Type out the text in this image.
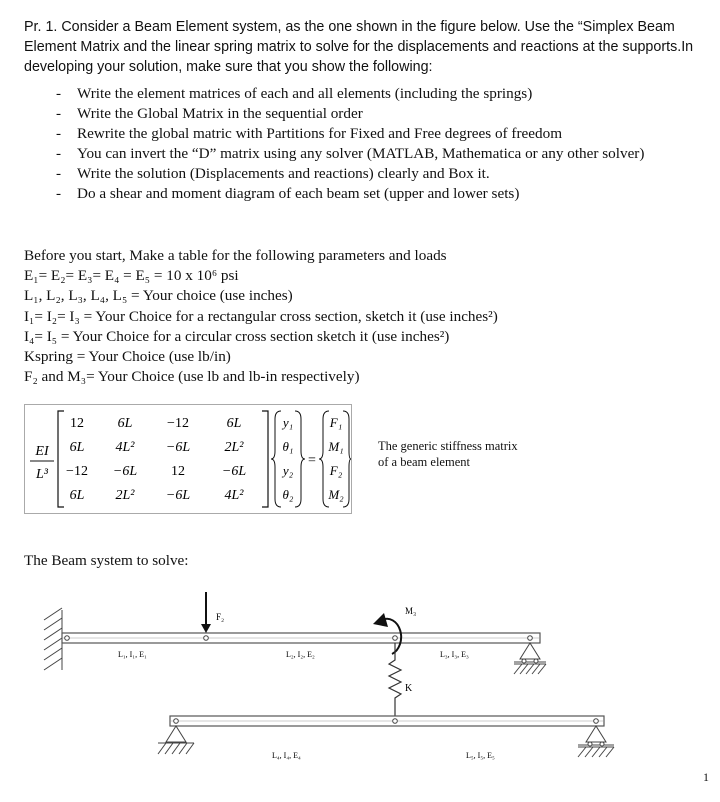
Pr. 1. Consider a Beam Element system, as the one shown in the figure below. Use the “Simplex Beam Element Matrix and the linear spring matrix to solve for the displacements and reactions at the supports.In developing your solution, make sure that you show the following:
- Write the element matrices of each and all elements (including the springs)
- Write the Global Matrix in the sequential order
- Rewrite the global matric with Partitions for Fixed and Free degrees of freedom
- You can invert the “D” matrix using any solver (MATLAB, Mathematica or any other solver)
- Write the solution (Displacements and reactions) clearly and Box it.
- Do a shear and moment diagram of each beam set (upper and lower sets)
Before you start, Make a table for the following parameters and loads
E₁= E₂= E₃= E₄ = E₅ = 10 x 10⁶ psi
L₁, L₂, L₃, L₄, L₅ = Your choice (use inches)
I₁= I₂= I₃ = Your Choice for a rectangular cross section, sketch it (use inches²)
I₄= I₅ = Your Choice for a circular cross section sketch it (use inches²)
Kspring = Your Choice (use lb/in)
F₂ and M₃= Your Choice (use lb and lb-in respectively)
EI
L³
12 6L −12	6L
6L 4L² −6L 2L²
−12 −6L 12	−6L
6L 2L² −6L 4L²
y₁
θ₁
y₂
θ₂
=
F₁
M₁
F₂
M₂
The generic stiffness matrix
of a beam element
The Beam system to solve:
F₂
M₃
K
L₁, I₁, E₁	L₂, I₂, E₂	L₃, I₃, E₃
L₄, I₄, E₄	L₅, I₅, E₅
1
